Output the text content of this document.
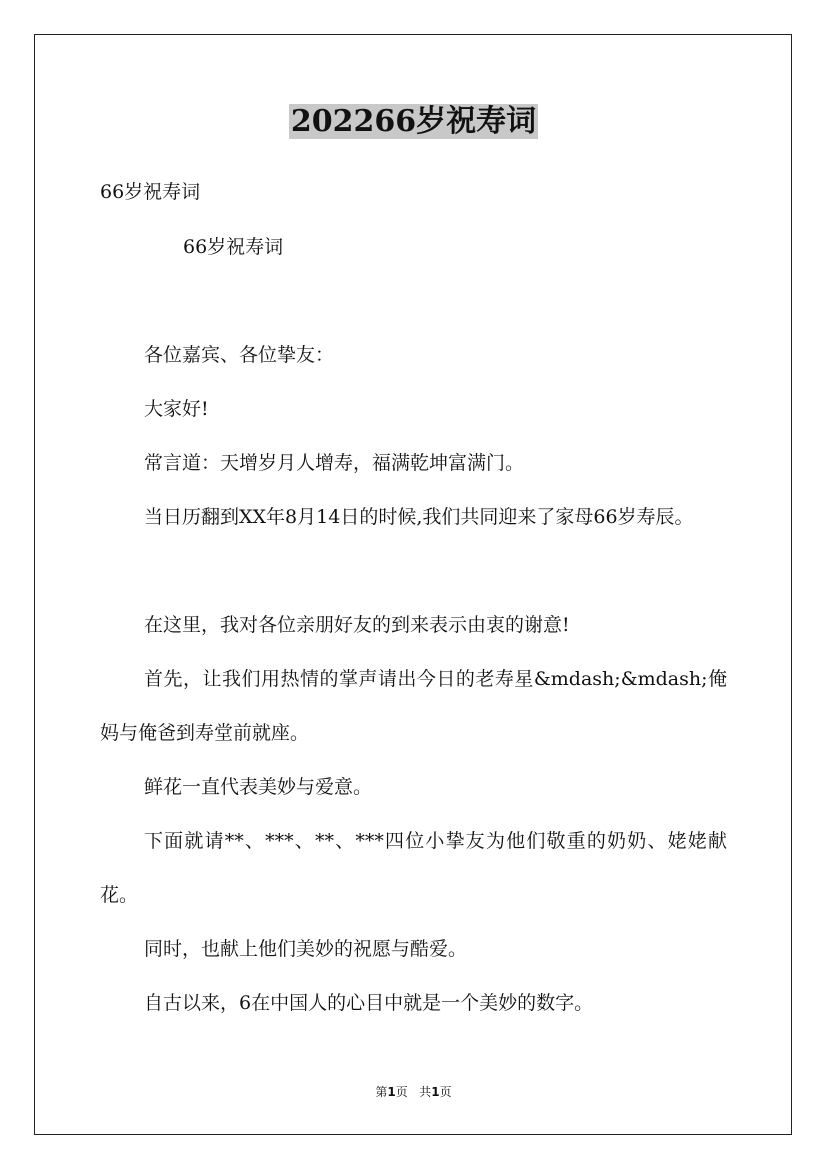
202266岁祝寿词
66岁祝寿词
66岁祝寿词
各位嘉宾、各位挚友：
大家好!
常言道：天增岁月人增寿，福满乾坤富满门。
当日历翻到XX年8月14日的时候,我们共同迎来了家母66岁寿辰。
在这里，我对各位亲朋好友的到来表示由衷的谢意!
首先，让我们用热情的掌声请出今日的老寿星&mdash;&mdash;俺妈与俺爸到寿堂前就座。
鲜花一直代表美妙与爱意。
下面就请**、***、**、***四位小挚友为他们敬重的奶奶、姥姥献花。
同时，也献上他们美妙的祝愿与酷爱。
自古以来，6在中国人的心目中就是一个美妙的数字。
第1页 共1页
